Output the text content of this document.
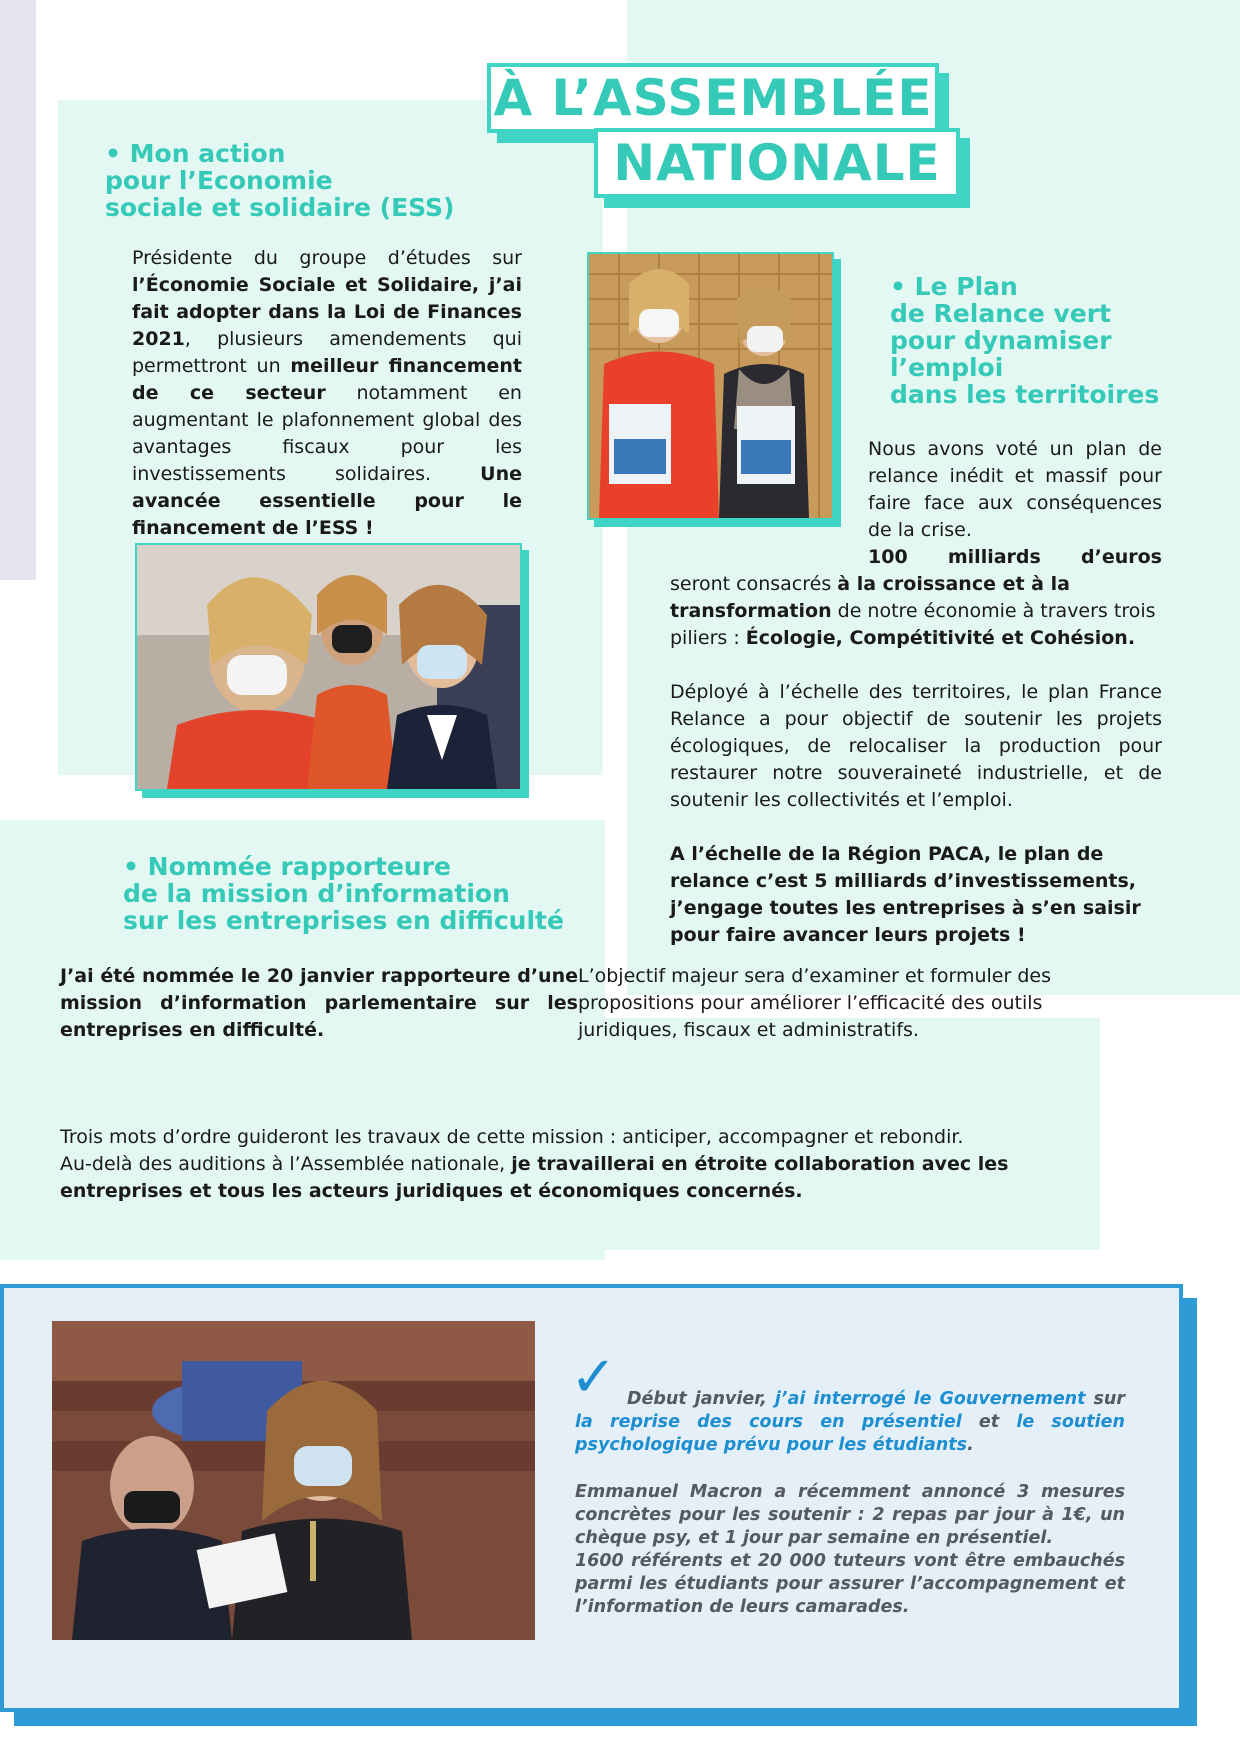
À L’ASSEMBLÉE
NATIONALE
• Mon action
pour l’Economie
sociale et solidaire (ESS)

Présidente du groupe d’études sur l’Économie Sociale et Solidaire, j’ai fait adopter dans la Loi de Finances 2021, plusieurs amendements qui permettront un meilleur financement de ce secteur notamment en augmentant le plafonnement global des avantages fiscaux pour les investissements solidaires. Une avancée essentielle pour le financement de l’ESS !

• Le Plan
de Relance vert
pour dynamiser
l’emploi
dans les territoires

Nous avons voté un plan de relance inédit et massif pour faire face aux conséquences de la crise.

100 milliards d’euros
seront consacrés à la croissance et à la transformation de notre économie à travers trois piliers : Écologie, Compétitivité et Cohésion.

Déployé à l’échelle des territoires, le plan France Relance a pour objectif de soutenir les projets écologiques, de relocaliser la production pour restaurer notre souveraineté industrielle, et de soutenir les collectivités et l’emploi.

A l’échelle de la Région PACA, le plan de relance c’est 5 milliards d’investissements, j’engage toutes les entreprises à s’en saisir pour faire avancer leurs projets !

• Nommée rapporteure
de la mission d’information
sur les entreprises en difficulté

J’ai été nommée le 20 janvier rapporteure d’une mission d’information parlementaire sur les entreprises en difficulté.
L’objectif majeur sera d’examiner et formuler des propositions pour améliorer l’efficacité des outils juridiques, fiscaux et administratifs.

Trois mots d’ordre guideront les travaux de cette mission : anticiper, accompagner et rebondir.

Au-delà des auditions à l’Assemblée nationale, je travaillerai en étroite collaboration avec les entreprises et tous les acteurs juridiques et économiques concernés.

✓ Début janvier, j’ai interrogé le Gouvernement sur la reprise des cours en présentiel et le soutien psychologique prévu pour les étudiants.

Emmanuel Macron a récemment annoncé 3 mesures concrètes pour les soutenir : 2 repas par jour à 1€, un chèque psy, et 1 jour par semaine en présentiel.

1600 référents et 20 000 tuteurs vont être embauchés parmi les étudiants pour assurer l’accompagnement et l’information de leurs camarades.
